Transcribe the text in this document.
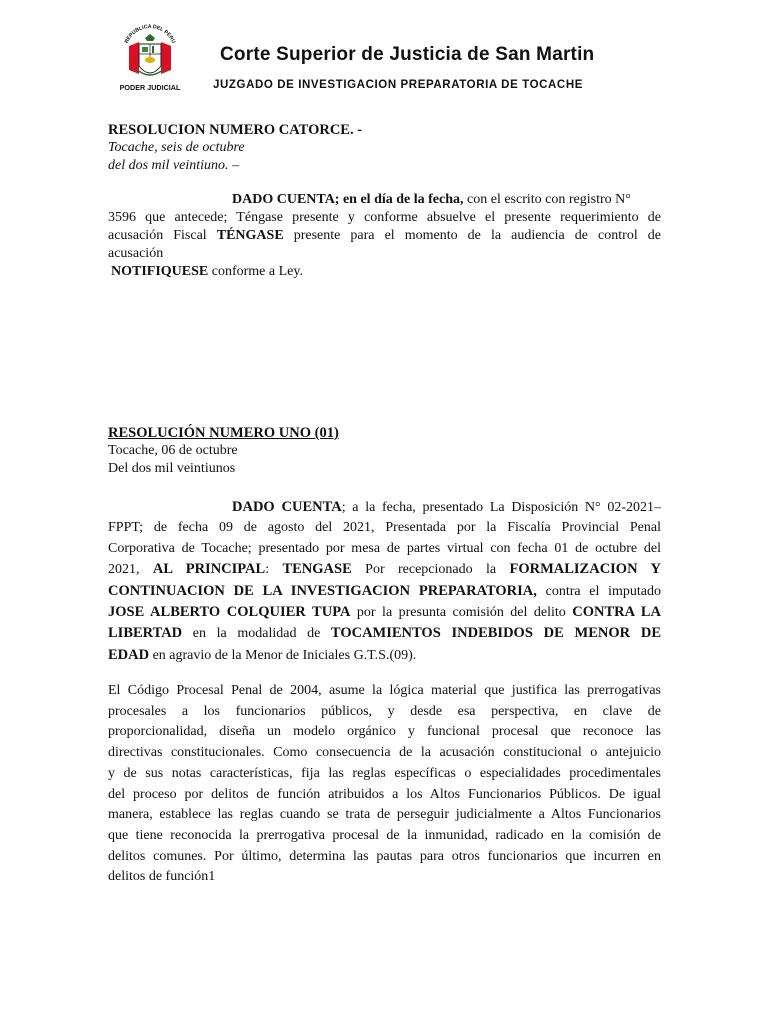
REPUBLICA DEL PERU
PODER JUDICIAL
Corte Superior de Justicia de San Martin
JUZGADO DE INVESTIGACION PREPARATORIA DE TOCACHE
RESOLUCION NUMERO CATORCE. -
Tocache, seis de octubre
del dos mil veintiuno. –
DADO CUENTA; en el día de la fecha, con el escrito con registro N°
3596 que antecede; Téngase presente y conforme absuelve el presente requerimiento de
acusación Fiscal TÉNGASE presente para el momento de la audiencia de control de
acusación
NOTIFIQUESE conforme a Ley.
RESOLUCIÓN NUMERO UNO (01)
Tocache, 06 de octubre
Del dos mil veintiunos
DADO CUENTA; a la fecha, presentado La Disposición N° 02-2021–
FPPT; de fecha 09 de agosto del 2021, Presentada por la Fiscalía Provincial Penal
Corporativa de Tocache; presentado por mesa de partes virtual con fecha 01 de octubre del
2021, AL PRINCIPAL: TENGASE Por recepcionado la FORMALIZACION Y
CONTINUACION DE LA INVESTIGACION PREPARATORIA, contra el imputado
JOSE ALBERTO COLQUIER TUPA por la presunta comisión del delito CONTRA LA
LIBERTAD en la modalidad de TOCAMIENTOS INDEBIDOS DE MENOR DE
EDAD en agravio de la Menor de Iniciales G.T.S.(09).
El Código Procesal Penal de 2004, asume la lógica material que justifica las prerrogativas
procesales a los funcionarios públicos, y desde esa perspectiva, en clave de
proporcionalidad, diseña un modelo orgánico y funcional procesal que reconoce las
directivas constitucionales. Como consecuencia de la acusación constitucional o antejuicio
y de sus notas características, fija las reglas específicas o especialidades procedimentales
del proceso por delitos de función atribuidos a los Altos Funcionarios Públicos. De igual
manera, establece las reglas cuando se trata de perseguir judicialmente a Altos Funcionarios
que tiene reconocida la prerrogativa procesal de la inmunidad, radicado en la comisión de
delitos comunes. Por último, determina las pautas para otros funcionarios que incurren en
delitos de función1
